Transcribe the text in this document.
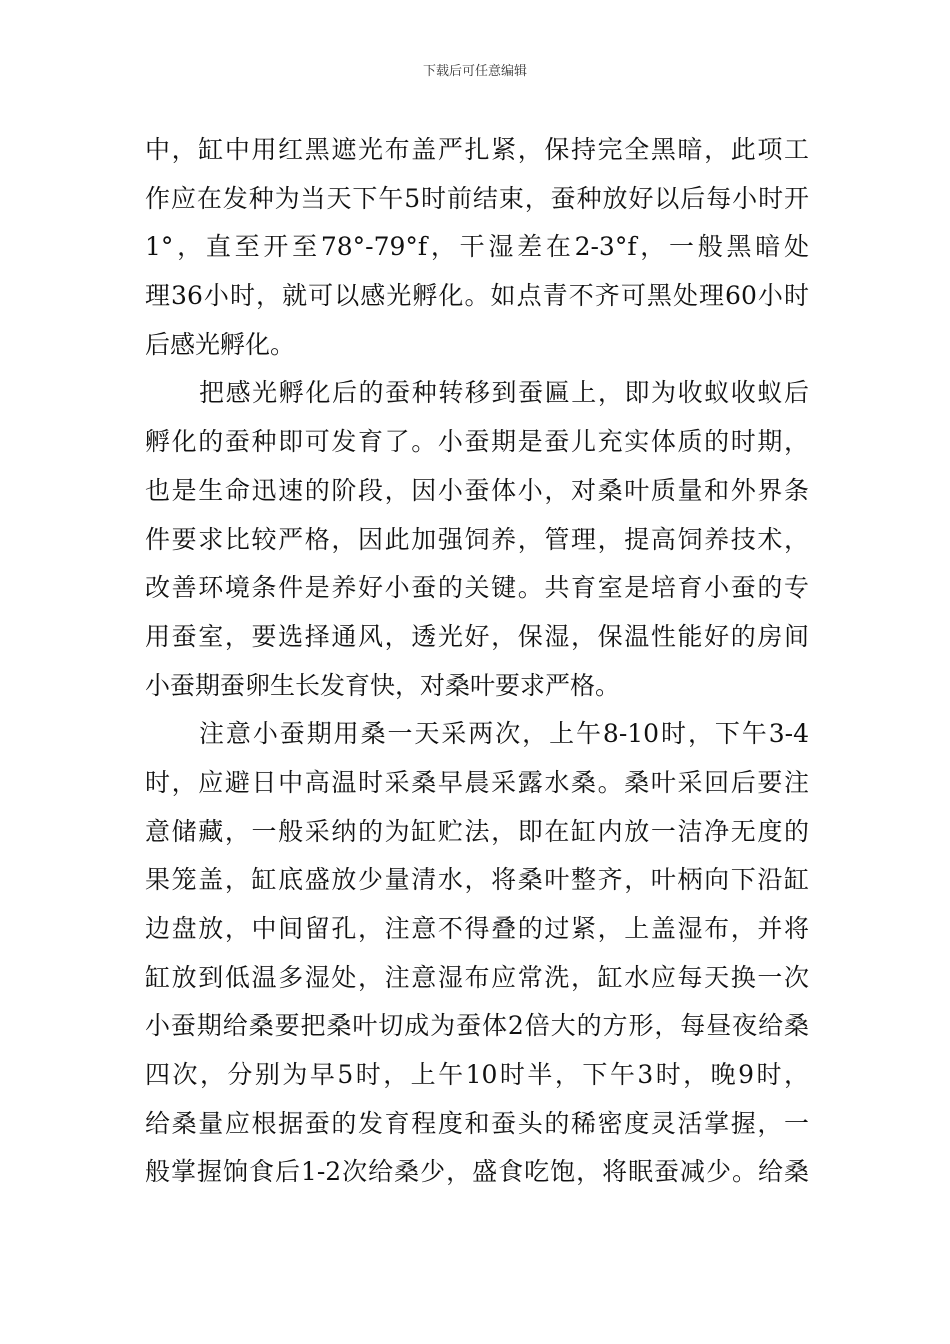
下载后可任意编辑
中，缸中用红黑遮光布盖严扎紧，保持完全黑暗，此项工
作应在发种为当天下午5时前结束，蚕种放好以后每小时开
1°，直至开至78°-79°f，干湿差在2-3°f，一般黑暗处
理36小时，就可以感光孵化。如点青不齐可黑处理60小时
后感光孵化。
把感光孵化后的蚕种转移到蚕匾上，即为收蚁收蚁后
孵化的蚕种即可发育了。小蚕期是蚕儿充实体质的时期，
也是生命迅速的阶段，因小蚕体小，对桑叶质量和外界条
件要求比较严格，因此加强饲养，管理，提高饲养技术，
改善环境条件是养好小蚕的关键。共育室是培育小蚕的专
用蚕室，要选择通风，透光好，保湿，保温性能好的房间
小蚕期蚕卵生长发育快，对桑叶要求严格。
注意小蚕期用桑一天采两次，上午8-10时，下午3-4
时，应避日中高温时采桑早晨采露水桑。桑叶采回后要注
意储藏，一般采纳的为缸贮法，即在缸内放一洁净无度的
果笼盖，缸底盛放少量清水，将桑叶整齐，叶柄向下沿缸
边盘放，中间留孔，注意不得叠的过紧，上盖湿布，并将
缸放到低温多湿处，注意湿布应常洗，缸水应每天换一次
小蚕期给桑要把桑叶切成为蚕体2倍大的方形，每昼夜给桑
四次，分别为早5时，上午10时半，下午3时，晚9时，
给桑量应根据蚕的发育程度和蚕头的稀密度灵活掌握，一
般掌握饷食后1-2次给桑少，盛食吃饱，将眠蚕减少。给桑
